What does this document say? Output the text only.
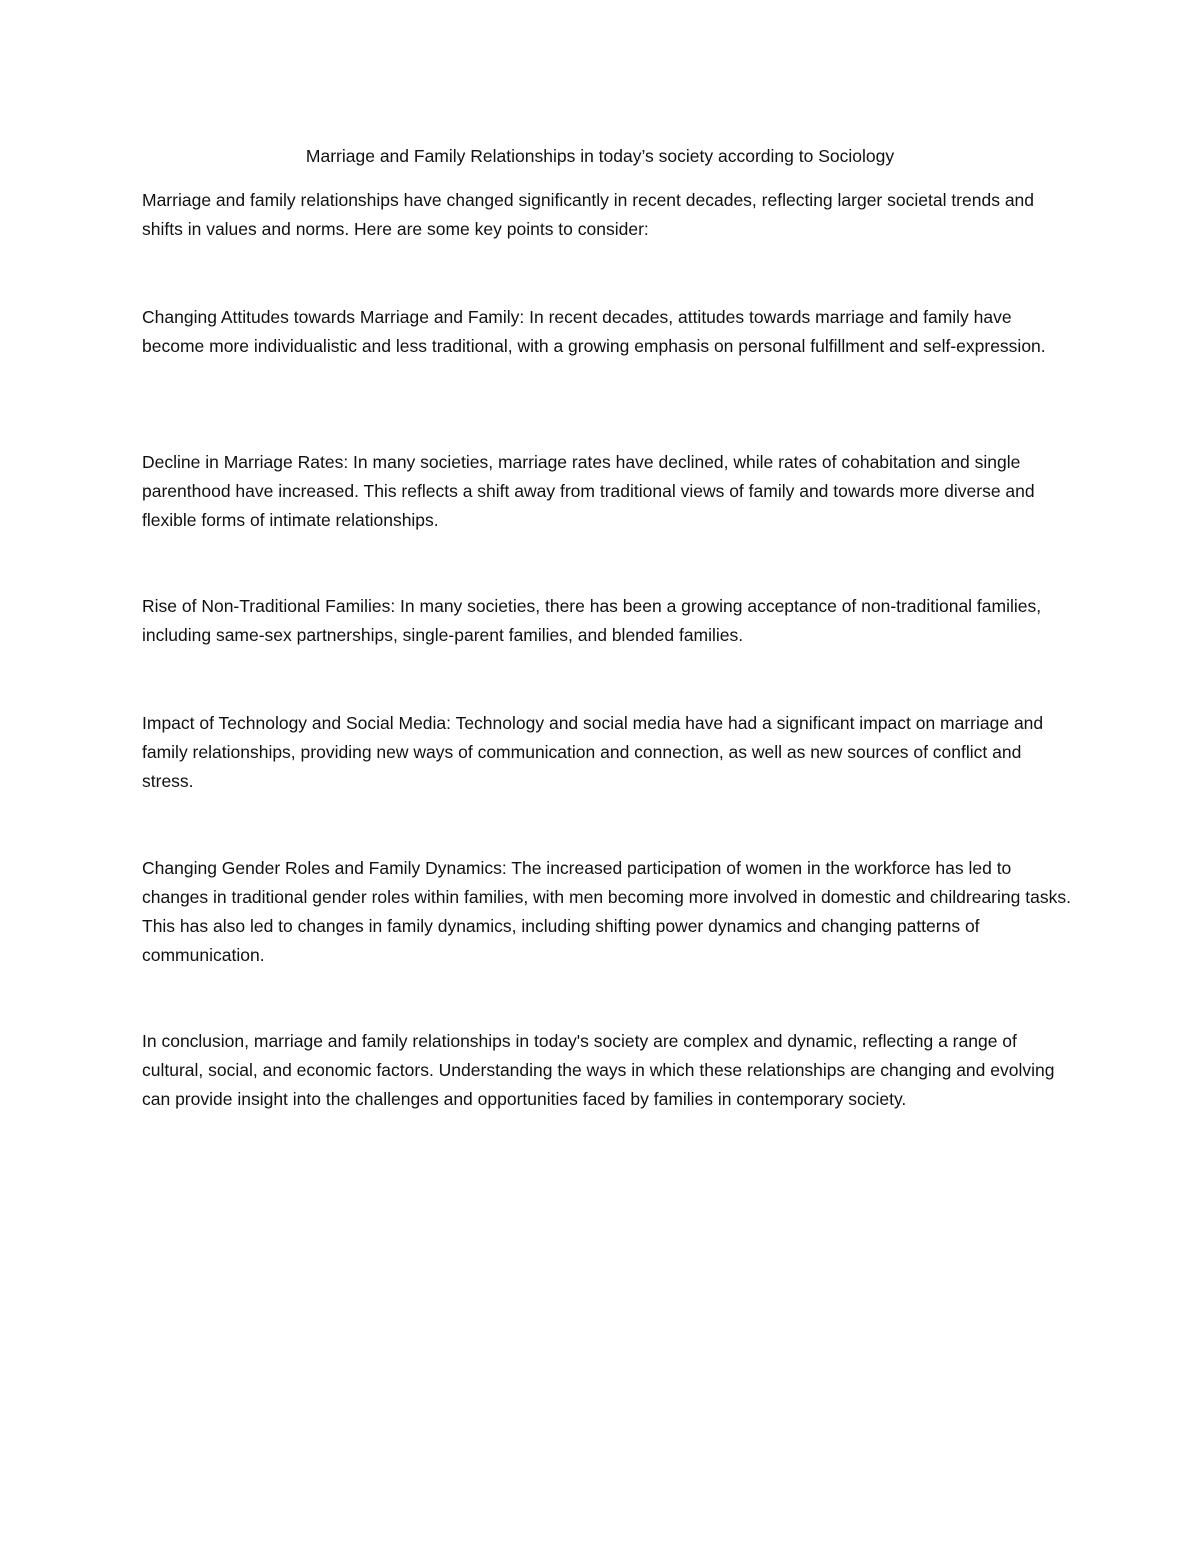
Marriage and Family Relationships in today’s society according to Sociology

Marriage and family relationships have changed significantly in recent decades, reflecting larger societal trends and shifts in values and norms. Here are some key points to consider:

Changing Attitudes towards Marriage and Family: In recent decades, attitudes towards marriage and family have become more individualistic and less traditional, with a growing emphasis on personal fulfillment and self-expression.

Decline in Marriage Rates: In many societies, marriage rates have declined, while rates of cohabitation and single parenthood have increased. This reflects a shift away from traditional views of family and towards more diverse and flexible forms of intimate relationships.

Rise of Non-Traditional Families: In many societies, there has been a growing acceptance of non-traditional families, including same-sex partnerships, single-parent families, and blended families.

Impact of Technology and Social Media: Technology and social media have had a significant impact on marriage and family relationships, providing new ways of communication and connection, as well as new sources of conflict and stress.

Changing Gender Roles and Family Dynamics: The increased participation of women in the workforce has led to changes in traditional gender roles within families, with men becoming more involved in domestic and childrearing tasks. This has also led to changes in family dynamics, including shifting power dynamics and changing patterns of communication.

In conclusion, marriage and family relationships in today's society are complex and dynamic, reflecting a range of cultural, social, and economic factors. Understanding the ways in which these relationships are changing and evolving can provide insight into the challenges and opportunities faced by families in contemporary society.
